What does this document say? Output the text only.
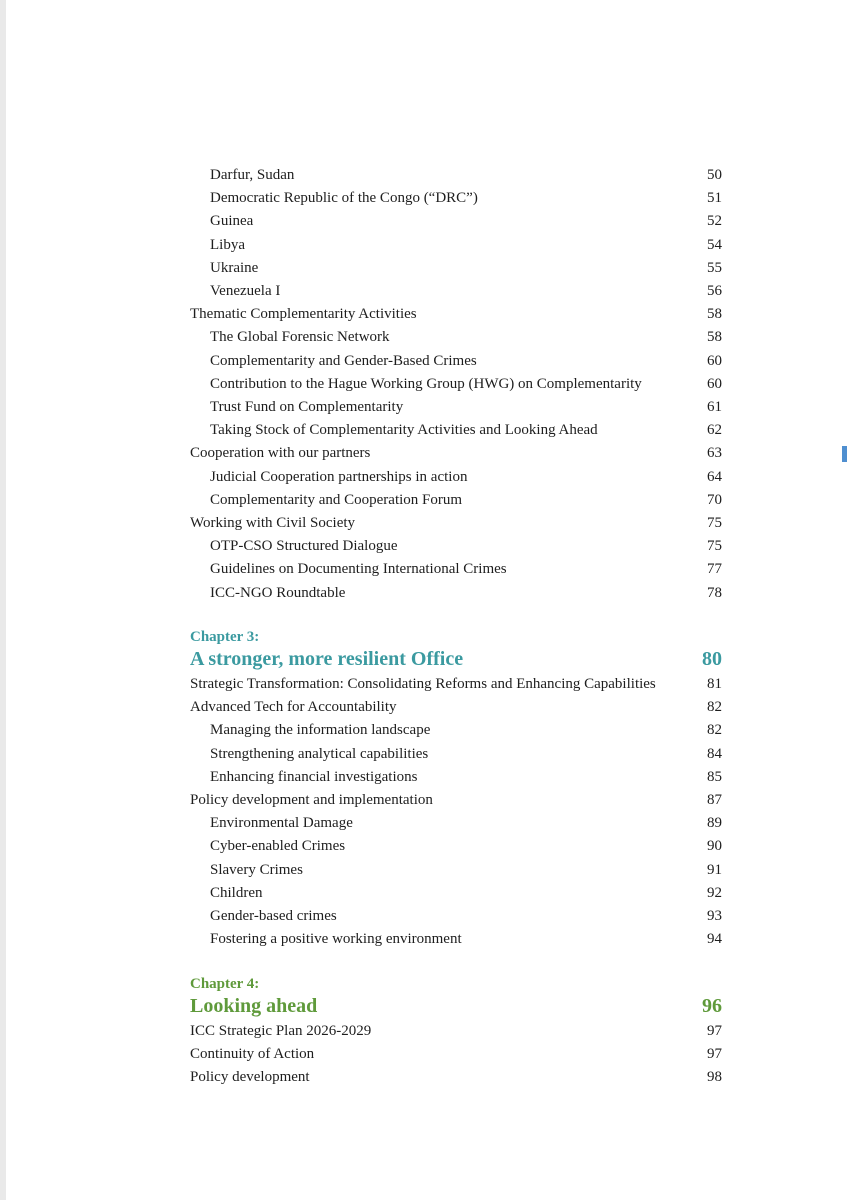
Darfur, Sudan	50
Democratic Republic of the Congo (“DRC”)	51
Guinea	52
Libya	54
Ukraine	55
Venezuela I	56
Thematic Complementarity Activities	58
The Global Forensic Network	58
Complementarity and Gender-Based Crimes	60
Contribution to the Hague Working Group (HWG) on Complementarity	60
Trust Fund on Complementarity	61
Taking Stock of Complementarity Activities and Looking Ahead	62
Cooperation with our partners	63
Judicial Cooperation partnerships in action	64
Complementarity and Cooperation Forum	70
Working with Civil Society	75
OTP-CSO Structured Dialogue	75
Guidelines on Documenting International Crimes	77
ICC-NGO Roundtable	78
Chapter 3:
A stronger, more resilient Office	80
Strategic Transformation: Consolidating Reforms and Enhancing Capabilities	81
Advanced Tech for Accountability	82
Managing the information landscape	82
Strengthening analytical capabilities	84
Enhancing financial investigations	85
Policy development and implementation	87
Environmental Damage	89
Cyber-enabled Crimes	90
Slavery Crimes	91
Children	92
Gender-based crimes	93
Fostering a positive working environment	94
Chapter 4:
Looking ahead	96
ICC Strategic Plan 2026-2029	97
Continuity of Action	97
Policy development	98
